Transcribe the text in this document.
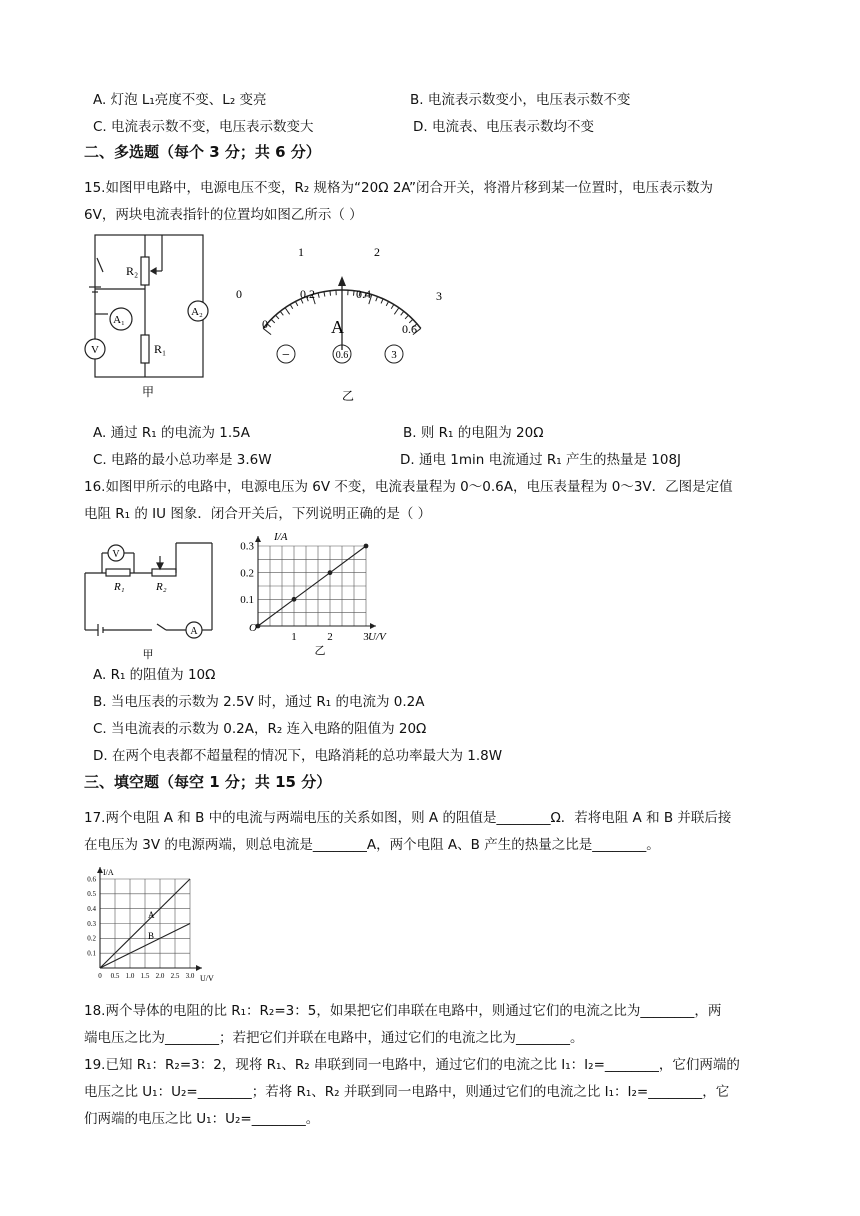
A. 灯泡 L₁亮度不变、L₂ 变亮	B. 电流表示数变小，电压表示数不变
C. 电流表示数不变，电压表示数变大	D. 电流表、电压表示数均不变
二、多选题（每个 3 分；共 6 分）
15.如图甲电路中，电源电压不变，R₂ 规格为“20Ω 2A”闭合开关，将滑片移到某一位置时，电压表示数为
6V，两块电流表指针的位置均如图乙所示（ ）
A₁
V
A₂
R₂
R₁
甲
0
1	2
3
0
0.2	0.4
0.6
A
−	0.6	3
乙
A. 通过 R₁ 的电流为 1.5A	B. 则 R₁ 的电阻为 20Ω
C. 电路的最小总功率是 3.6W	D. 通电 1min 电流通过 R₁ 产生的热量是 108J
16.如图甲所示的电路中，电源电压为 6V 不变，电流表量程为 0～0.6A，电压表量程为 0～3V．乙图是定值
电阻 R₁ 的 IU 图象．闭合开关后，下列说明正确的是（ ）
V
A
R₁	R₂
甲
1	2	3
0.1
0.2
0.3
I/A
U/V
O
乙
A. R₁ 的阻值为 10Ω
B. 当电压表的示数为 2.5V 时，通过 R₁ 的电流为 0.2A
C. 当电流表的示数为 0.2A，R₂ 连入电路的阻值为 20Ω
D. 在两个电表都不超量程的情况下，电路消耗的总功率最大为 1.8W
三、填空题（每空 1 分；共 15 分）
17.两个电阻 A 和 B 中的电流与两端电压的关系如图，则 A 的阻值是________Ω．若将电阻 A 和 B 并联后接
在电压为 3V 的电源两端，则总电流是________A，两个电阻 A、B 产生的热量之比是________。
0 0.5 1.0 1.5 2.0 2.5 3.0
0.1
0.2
0.3
0.4
0.5
0.6
I/A
U/V
A
B
18.两个导体的电阻的比 R₁：R₂=3：5，如果把它们串联在电路中，则通过它们的电流之比为________，两
端电压之比为________；若把它们并联在电路中，通过它们的电流之比为________。
19.已知 R₁：R₂=3：2，现将 R₁、R₂ 串联到同一电路中，通过它们的电流之比 I₁：I₂=________，它们两端的
电压之比 U₁：U₂=________；若将 R₁、R₂ 并联到同一电路中，则通过它们的电流之比 I₁：I₂=________，它
们两端的电压之比 U₁：U₂=________。
